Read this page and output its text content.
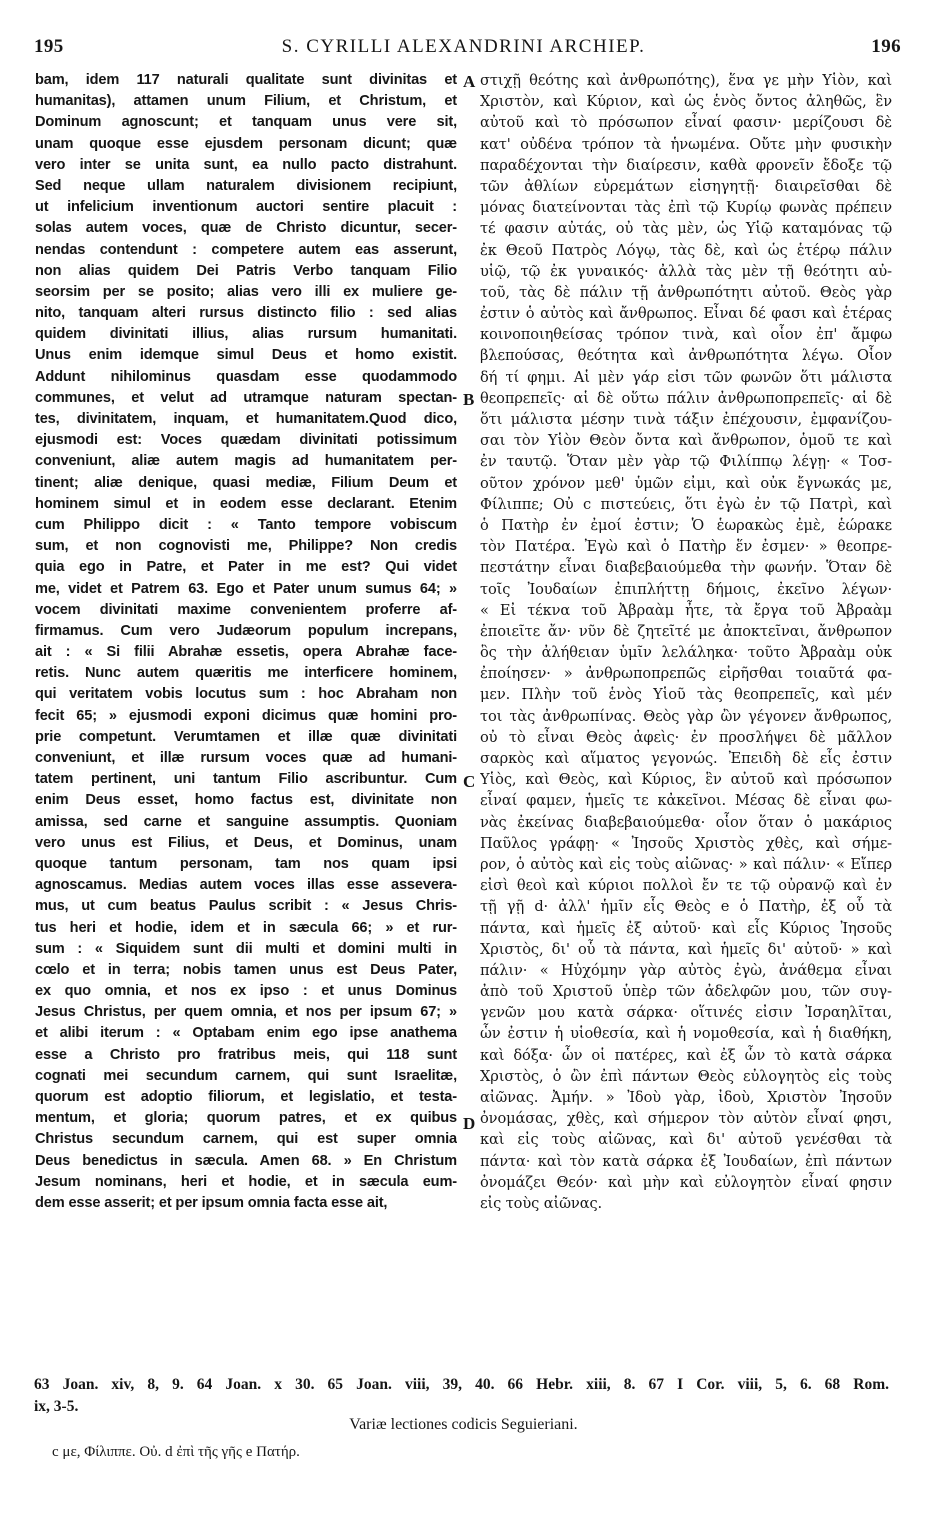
195	S. CYRILLI ALEXANDRINI ARCHIEP.	196
bam, idem 117 naturali qualitate sunt divinitas et
humanitas), attamen unum Filium, et Christum, et
Dominum agnoscunt; et tanquam unus vere sit,
unam quoque esse ejusdem personam dicunt; quæ
vero inter se unita sunt, ea nullo pacto distrahunt.
Sed neque ullam naturalem divisionem recipiunt,
ut infelicium inventionum auctori sentire placuit :
solas autem voces, quæ de Christo dicuntur, secer-
nendas contendunt : competere autem eas asserunt,
non alias quidem Dei Patris Verbo tanquam Filio
seorsim per se posito; alias vero illi ex muliere ge-
nito, tanquam alteri rursus distincto filio : sed alias
quidem divinitati illius, alias rursum humanitati.
Unus enim idemque simul Deus et homo existit.
Addunt nihilominus quasdam esse quodammodo
communes, et velut ad utramque naturam spectan-
tes, divinitatem, inquam, et humanitatem.Quod dico,
ejusmodi est: Voces quædam divinitati potissimum
conveniunt, aliæ autem magis ad humanitatem per-
tinent; aliæ denique, quasi mediæ, Filium Deum et
hominem simul et in eodem esse declarant. Etenim
cum Philippo dicit : « Tanto tempore vobiscum
sum, et non cognovisti me, Philippe? Non credis
quia ego in Patre, et Pater in me est? Qui videt
me, videt et Patrem 63. Ego et Pater unum sumus 64; »
vocem divinitati maxime convenientem proferre af-
firmamus. Cum vero Judæorum populum increpans,
ait : « Si filii Abrahæ essetis, opera Abrahæ face-
retis. Nunc autem quæritis me interficere hominem,
qui veritatem vobis locutus sum : hoc Abraham non
fecit 65; » ejusmodi exponi dicimus quæ homini pro-
prie competunt. Verumtamen et illæ quæ divinitati
conveniunt, et illæ rursum voces quæ ad humani-
tatem pertinent, uni tantum Filio ascribuntur. Cum
enim Deus esset, homo factus est, divinitate non
amissa, sed carne et sanguine assumptis. Quoniam
vero unus est Filius, et Deus, et Dominus, unam
quoque tantum personam, tam nos quam ipsi
agnoscamus. Medias autem voces illas esse assevera-
mus, ut cum beatus Paulus scribit : « Jesus Chris-
tus heri et hodie, idem et in sæcula 66; » et rur-
sum : « Siquidem sunt dii multi et domini multi in
cœlo et in terra; nobis tamen unus est Deus Pater,
ex quo omnia, et nos ex ipso : et unus Dominus
Jesus Christus, per quem omnia, et nos per ipsum 67; »
et alibi iterum : « Optabam enim ego ipse anathema
esse a Christo pro fratribus meis, qui 118 sunt
cognati mei secundum carnem, qui sunt Israelitæ,
quorum est adoptio filiorum, et legislatio, et testa-
mentum, et gloria; quorum patres, et ex quibus
Christus secundum carnem, qui est super omnia
Deus benedictus in sæcula. Amen 68. » En Christum
Jesum nominans, heri et hodie, et in sæcula eum-
dem esse asserit; et per ipsum omnia facta esse ait,
στιχῇ θεότης καὶ ἀνθρωπότης), ἕνα γε μὴν Υἱὸν, καὶ
Χριστὸν, καὶ Κύριον, καὶ ὡς ἑνὸς ὄντος ἀληθῶς, ἓν
αὐτοῦ καὶ τὸ πρόσωπον εἶναί φασιν· μερίζουσι δὲ
κατ' οὐδένα τρόπον τὰ ἡνωμένα. Οὔτε μὴν φυσικὴν
παραδέχονται τὴν διαίρεσιν, καθὰ φρονεῖν ἔδοξε τῷ
τῶν ἀθλίων εὑρεμάτων εἰσηγητῇ· διαιρεῖσθαι δὲ
μόνας διατείνονται τὰς ἐπὶ τῷ Κυρίῳ φωνὰς πρέπειν
τέ φασιν αὐτάς, οὐ τὰς μὲν, ὡς Υἱῷ καταμόνας τῷ
ἐκ Θεοῦ Πατρὸς Λόγῳ, τὰς δὲ, καὶ ὡς ἑτέρῳ πάλιν
υἱῷ, τῷ ἐκ γυναικός· ἀλλὰ τὰς μὲν τῇ θεότητι αὐ-
τοῦ, τὰς δὲ πάλιν τῇ ἀνθρωπότητι αὐτοῦ. Θεὸς γὰρ
ἐστιν ὁ αὐτὸς καὶ ἄνθρωπος. Εἶναι δέ φασι καὶ ἑτέρας
κοινοποιηθείσας τρόπον τινὰ, καὶ οἷον ἐπ' ἄμφω
βλεπούσας, θεότητα καὶ ἀνθρωπότητα λέγω. Οἷον
δή τί φημι. Αἱ μὲν γάρ εἰσι τῶν φωνῶν ὅτι μάλιστα
θεοπρεπεῖς· αἱ δὲ οὕτω πάλιν ἀνθρωποπρεπεῖς· αἱ δὲ
ὅτι μάλιστα μέσην τινὰ τάξιν ἐπέχουσιν, ἐμφανίζου-
σαι τὸν Υἱὸν Θεὸν ὄντα καὶ ἄνθρωπον, ὁμοῦ τε καὶ
ἐν ταυτῷ. Ὅταν μὲν γὰρ τῷ Φιλίππῳ λέγῃ· « Τοσ-
οῦτον χρόνον μεθ' ὑμῶν εἰμι, καὶ οὐκ ἔγνωκάς με,
Φίλιππε; Οὐ c πιστεύεις, ὅτι ἐγὼ ἐν τῷ Πατρὶ, καὶ
ὁ Πατὴρ ἐν ἐμοί ἐστιν; Ὁ ἑωρακὼς ἐμὲ, ἑώρακε
τὸν Πατέρα. Ἐγὼ καὶ ὁ Πατὴρ ἕν ἐσμεν· » θεοπρε-
πεστάτην εἶναι διαβεβαιούμεθα τὴν φωνήν. Ὅταν δὲ
τοῖς Ἰουδαίων ἐπιπλήττῃ δήμοις, ἐκεῖνο λέγων·
« Εἰ τέκνα τοῦ Ἀβραὰμ ἦτε, τὰ ἔργα τοῦ Ἀβραὰμ
ἐποιεῖτε ἄν· νῦν δὲ ζητεῖτέ με ἀποκτεῖναι, ἄνθρωπον
ὃς τὴν ἀλήθειαν ὑμῖν λελάληκα· τοῦτο Ἀβραὰμ οὐκ
ἐποίησεν· » ἀνθρωποπρεπῶς εἰρῆσθαι τοιαῦτά φα-
μεν. Πλὴν τοῦ ἑνὸς Υἱοῦ τὰς θεοπρεπεῖς, καὶ μέν
τοι τὰς ἀνθρωπίνας. Θεὸς γὰρ ὢν γέγονεν ἄνθρωπος,
οὐ τὸ εἶναι Θεὸς ἀφεὶς· ἐν προσλήψει δὲ μᾶλλον
σαρκὸς καὶ αἵματος γεγονώς. Ἐπειδὴ δὲ εἷς ἐστιν
Υἱὸς, καὶ Θεὸς, καὶ Κύριος, ἓν αὐτοῦ καὶ πρόσωπον
εἶναί φαμεν, ἡμεῖς τε κἀκεῖνοι. Μέσας δὲ εἶναι φω-
νὰς ἐκείνας διαβεβαιούμεθα· οἷον ὅταν ὁ μακάριος
Παῦλος γράφῃ· « Ἰησοῦς Χριστὸς χθὲς, καὶ σήμε-
ρον, ὁ αὐτὸς καὶ εἰς τοὺς αἰῶνας· » καὶ πάλιν· « Εἴπερ
εἰσὶ θεοὶ καὶ κύριοι πολλοὶ ἔν τε τῷ οὐρανῷ καὶ ἐν
τῇ γῇ d· ἀλλ' ἡμῖν εἷς Θεὸς e ὁ Πατὴρ, ἐξ οὗ τὰ
πάντα, καὶ ἡμεῖς ἐξ αὐτοῦ· καὶ εἷς Κύριος Ἰησοῦς
Χριστὸς, δι' οὗ τὰ πάντα, καὶ ἡμεῖς δι' αὐτοῦ· » καὶ
πάλιν· « Ηὐχόμην γὰρ αὐτὸς ἐγὼ, ἀνάθεμα εἶναι
ἀπὸ τοῦ Χριστοῦ ὑπὲρ τῶν ἀδελφῶν μου, τῶν συγ-
γενῶν μου κατὰ σάρκα· οἵτινές εἰσιν Ἰσραηλῖται,
ὧν ἐστιν ἡ υἱοθεσία, καὶ ἡ νομοθεσία, καὶ ἡ διαθήκη,
καὶ δόξα· ὧν οἱ πατέρες, καὶ ἐξ ὧν τὸ κατὰ σάρκα
Χριστὸς, ὁ ὢν ἐπὶ πάντων Θεὸς εὐλογητὸς εἰς τοὺς
αἰῶνας. Ἀμήν. » Ἰδοὺ γὰρ, ἰδοὺ, Χριστὸν Ἰησοῦν
ὀνομάσας, χθὲς, καὶ σήμερον τὸν αὐτὸν εἶναί φησι,
καὶ εἰς τοὺς αἰῶνας, καὶ δι' αὐτοῦ γενέσθαι τὰ
πάντα· καὶ τὸν κατὰ σάρκα ἐξ Ἰουδαίων, ἐπὶ πάντων
ὀνομάζει Θεόν· καὶ μὴν καὶ εὐλογητὸν εἶναί φησιν
εἰς τοὺς αἰῶνας.
A
B
C
D
63 Joan. xiv, 8, 9. 64 Joan. x 30. 65 Joan. viii, 39, 40. 66 Hebr. xiii, 8. 67 I Cor. viii, 5, 6. 68 Rom.
ix, 3-5.
Variæ lectiones codicis Seguieriani.
c με, Φίλιππε. Οὐ. d ἐπὶ τῆς γῆς e Πατήρ.
